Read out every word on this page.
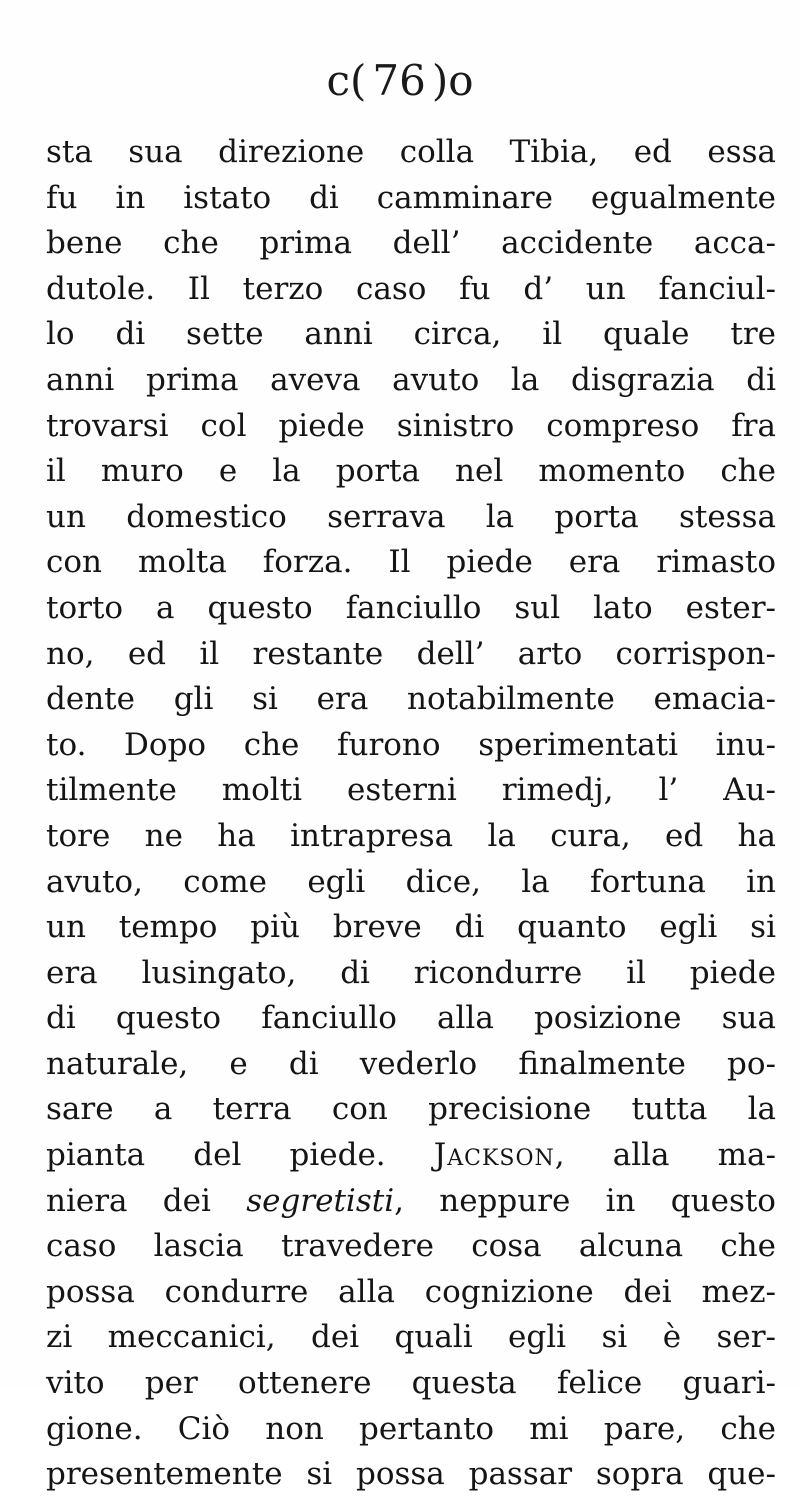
c( 76 )o
sta sua direzione colla Tibia, ed essa
fu in istato di camminare egualmente
bene che prima dell’ accidente acca-
dutole. Il terzo caso fu d’ un fanciul-
lo di sette anni circa, il quale tre
anni prima aveva avuto la disgrazia di
trovarsi col piede sinistro compreso fra
il muro e la porta nel momento che
un domestico serrava la porta stessa
con molta forza. Il piede era rimasto
torto a questo fanciullo sul lato ester-
no, ed il restante dell’ arto corrispon-
dente gli si era notabilmente emacia-
to. Dopo che furono sperimentati inu-
tilmente molti esterni rimedj, l’ Au-
tore ne ha intrapresa la cura, ed ha
avuto, come egli dice, la fortuna in
un tempo più breve di quanto egli si
era lusingato, di ricondurre il piede
di questo fanciullo alla posizione sua
naturale, e di vederlo finalmente po-
sare a terra con precisione tutta la
pianta del piede. Jackson, alla ma-
niera dei segretisti, neppure in questo
caso lascia travedere cosa alcuna che
possa condurre alla cognizione dei mez-
zi meccanici, dei quali egli si è ser-
vito per ottenere questa felice guari-
gione. Ciò non pertanto mi pare, che
presentemente si possa passar sopra que-
